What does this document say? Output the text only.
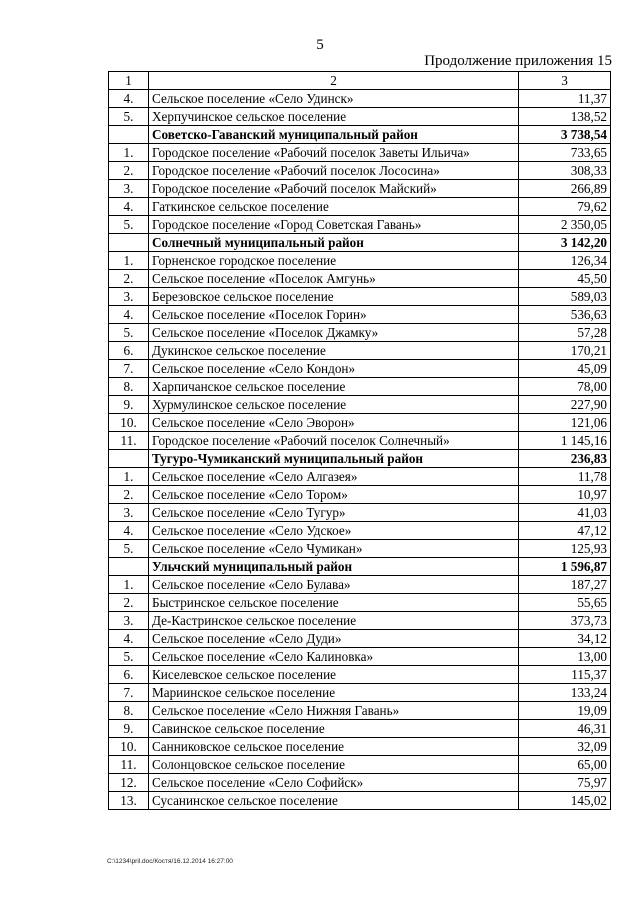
5
Продолжение приложения 15
1	2	3
4.	Сельское поселение «Село Удинск»	11,37
5.	Херпучинское сельское поселение	138,52
	Советско-Гаванский муниципальный район	3 738,54
1.	Городское поселение «Рабочий поселок Заветы Ильича»	733,65
2.	Городское поселение «Рабочий поселок Лососина»	308,33
3.	Городское поселение «Рабочий поселок Майский»	266,89
4.	Гаткинское сельское поселение	79,62
5.	Городское поселение «Город Советская Гавань»	2 350,05
	Солнечный муниципальный район	3 142,20
1.	Горненское городское поселение	126,34
2.	Сельское поселение «Поселок Амгунь»	45,50
3.	Березовское сельское поселение	589,03
4.	Сельское поселение «Поселок Горин»	536,63
5.	Сельское поселение «Поселок Джамку»	57,28
6.	Дукинское сельское поселение	170,21
7.	Сельское поселение «Село Кондон»	45,09
8.	Харпичанское сельское поселение	78,00
9.	Хурмулинское сельское поселение	227,90
10.	Сельское поселение «Село Эворон»	121,06
11.	Городское поселение «Рабочий поселок Солнечный»	1 145,16
	Тугуро-Чумиканский муниципальный район	236,83
1.	Сельское поселение «Село Алгазея»	11,78
2.	Сельское поселение «Село Тором»	10,97
3.	Сельское поселение «Село Тугур»	41,03
4.	Сельское поселение «Село Удское»	47,12
5.	Сельское поселение «Село Чумикан»	125,93
	Ульчский муниципальный район	1 596,87
1.	Сельское поселение «Село Булава»	187,27
2.	Быстринское сельское поселение	55,65
3.	Де-Кастринское сельское поселение	373,73
4.	Сельское поселение «Село Дуди»	34,12
5.	Сельское поселение «Село Калиновка»	13,00
6.	Киселевское сельское поселение	115,37
7.	Мариинское сельское поселение	133,24
8.	Сельское поселение «Село Нижняя Гавань»	19,09
9.	Савинское сельское поселение	46,31
10.	Санниковское сельское поселение	32,09
11.	Солонцовское сельское поселение	65,00
12.	Сельское поселение «Село Софийск»	75,97
13.	Сусанинское сельское поселение	145,02
C:\1234\pril.doc/Костя/16.12.2014 16:27:00
